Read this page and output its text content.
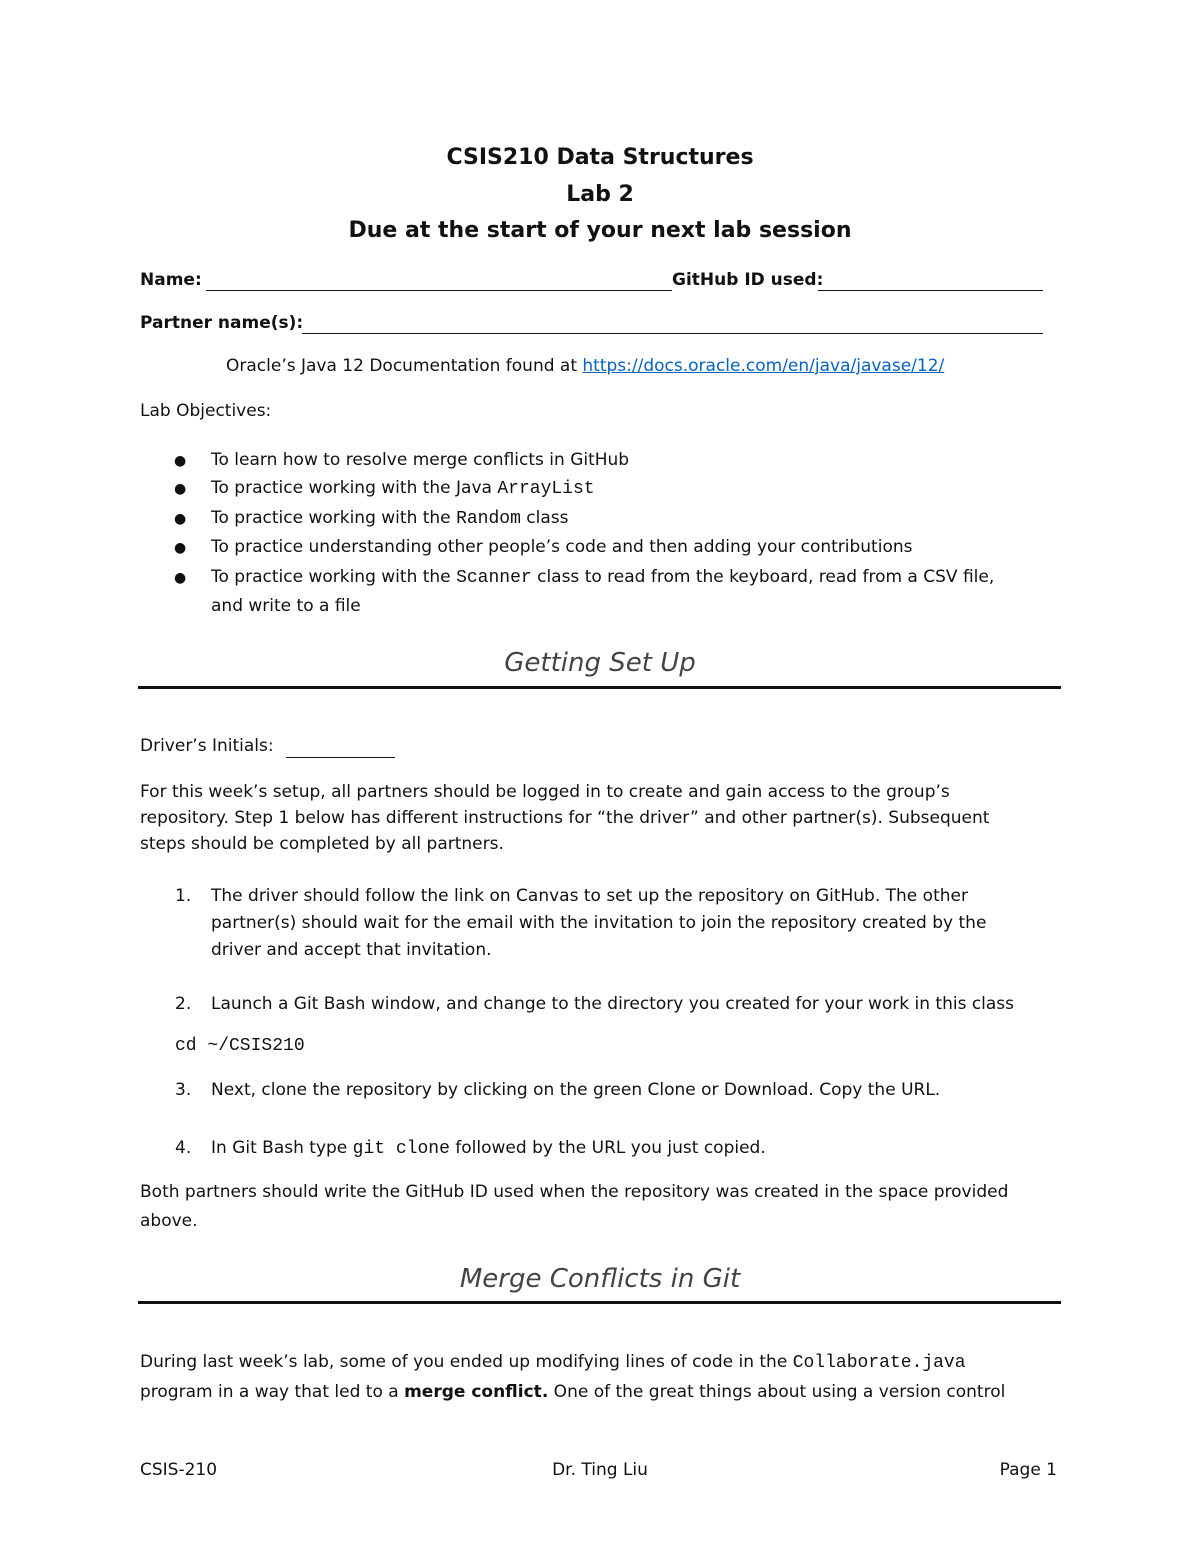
CSIS210 Data Structures
Lab 2
Due at the start of your next lab session
Name:	GitHub ID used:
Partner name(s):
Oracle’s Java 12 Documentation found at https://docs.oracle.com/en/java/javase/12/
Lab Objectives:
● To learn how to resolve merge conflicts in GitHub
● To practice working with the Java ArrayList
● To practice working with the Random class
● To practice understanding other people’s code and then adding your contributions
● To practice working with the Scanner class to read from the keyboard, read from a CSV file,
and write to a file
Getting Set Up
Driver’s Initials:
For this week’s setup, all partners should be logged in to create and gain access to the group’s
repository. Step 1 below has different instructions for “the driver” and other partner(s). Subsequent
steps should be completed by all partners.
1. The driver should follow the link on Canvas to set up the repository on GitHub. The other
partner(s) should wait for the email with the invitation to join the repository created by the
driver and accept that invitation.
2. Launch a Git Bash window, and change to the directory you created for your work in this class
cd ~/CSIS210
3. Next, clone the repository by clicking on the green Clone or Download. Copy the URL.
4. In Git Bash type git clone followed by the URL you just copied.
Both partners should write the GitHub ID used when the repository was created in the space provided
above.
Merge Conflicts in Git
During last week’s lab, some of you ended up modifying lines of code in the Collaborate.java
program in a way that led to a merge conflict. One of the great things about using a version control
CSIS-210	Dr. Ting Liu	Page 1
